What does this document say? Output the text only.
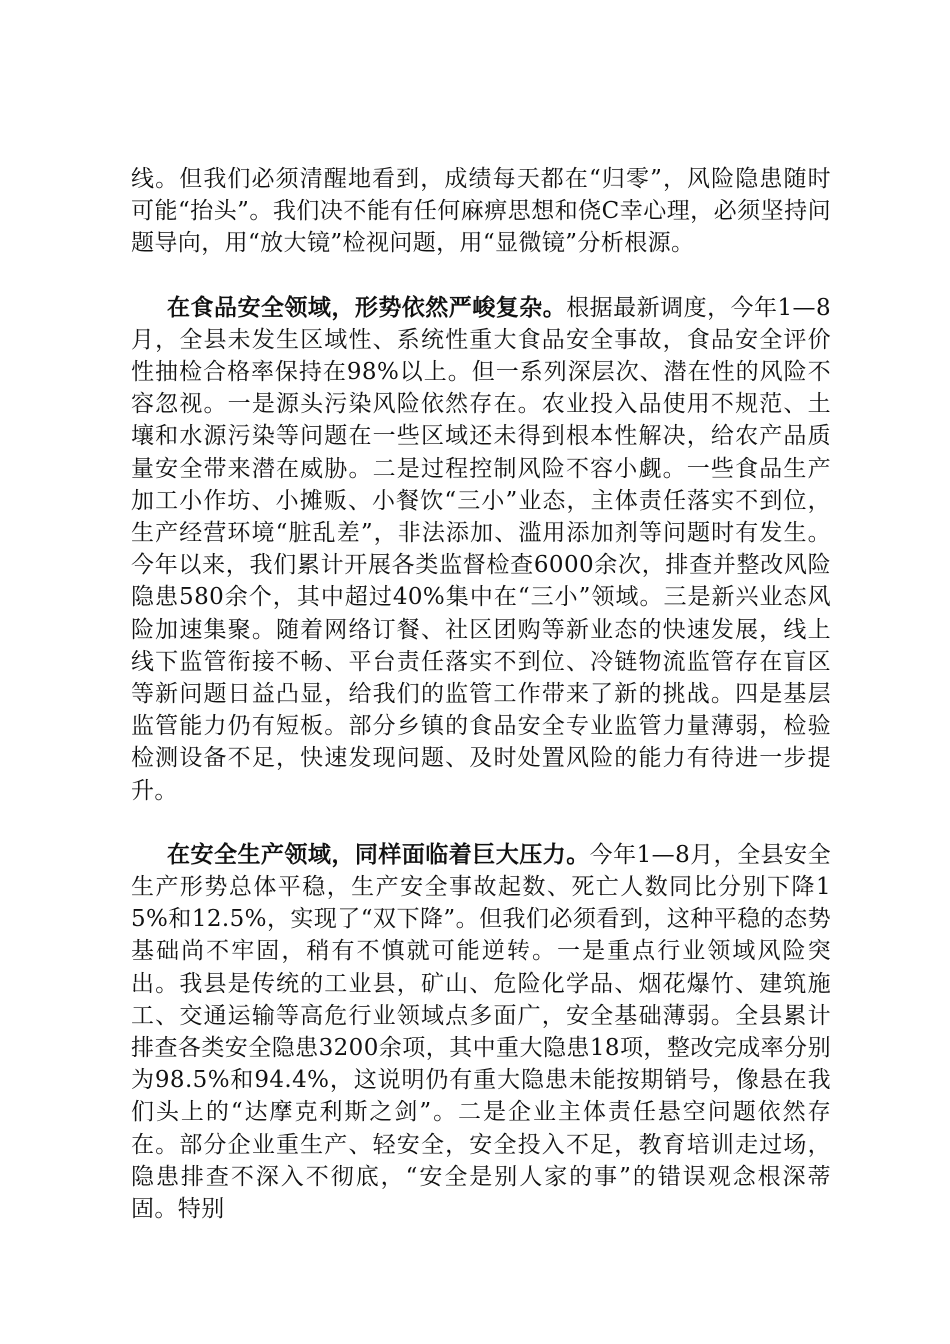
线。但我们必须清醒地看到，成绩每天都在“归零”，风险隐患随时可能“抬头”。我们决不能有任何麻痹思想和侥C幸心理，必须坚持问题导向，用“放大镜”检视问题，用“显微镜”分析根源。

在食品安全领域，形势依然严峻复杂。根据最新调度，今年1—8月，全县未发生区域性、系统性重大食品安全事故，食品安全评价性抽检合格率保持在98%以上。但一系列深层次、潜在性的风险不容忽视。一是源头污染风险依然存在。农业投入品使用不规范、土壤和水源污染等问题在一些区域还未得到根本性解决，给农产品质量安全带来潜在威胁。二是过程控制风险不容小觑。一些食品生产加工小作坊、小摊贩、小餐饮“三小”业态，主体责任落实不到位，生产经营环境“脏乱差”，非法添加、滥用添加剂等问题时有发生。今年以来，我们累计开展各类监督检查6000余次，排查并整改风险隐患580余个，其中超过40%集中在“三小”领域。三是新兴业态风险加速集聚。随着网络订餐、社区团购等新业态的快速发展，线上线下监管衔接不畅、平台责任落实不到位、冷链物流监管存在盲区等新问题日益凸显，给我们的监管工作带来了新的挑战。四是基层监管能力仍有短板。部分乡镇的食品安全专业监管力量薄弱，检验检测设备不足，快速发现问题、及时处置风险的能力有待进一步提升。

在安全生产领域，同样面临着巨大压力。今年1—8月，全县安全生产形势总体平稳，生产安全事故起数、死亡人数同比分别下降15%和12.5%，实现了“双下降”。但我们必须看到，这种平稳的态势基础尚不牢固，稍有不慎就可能逆转。一是重点行业领域风险突出。我县是传统的工业县，矿山、危险化学品、烟花爆竹、建筑施工、交通运输等高危行业领域点多面广，安全基础薄弱。全县累计排查各类安全隐患3200余项，其中重大隐患18项，整改完成率分别为98.5%和94.4%，这说明仍有重大隐患未能按期销号，像悬在我们头上的“达摩克利斯之剑”。二是企业主体责任悬空问题依然存在。部分企业重生产、轻安全，安全投入不足，教育培训走过场，隐患排查不深入不彻底，“安全是别人家的事”的错误观念根深蒂固。特别
